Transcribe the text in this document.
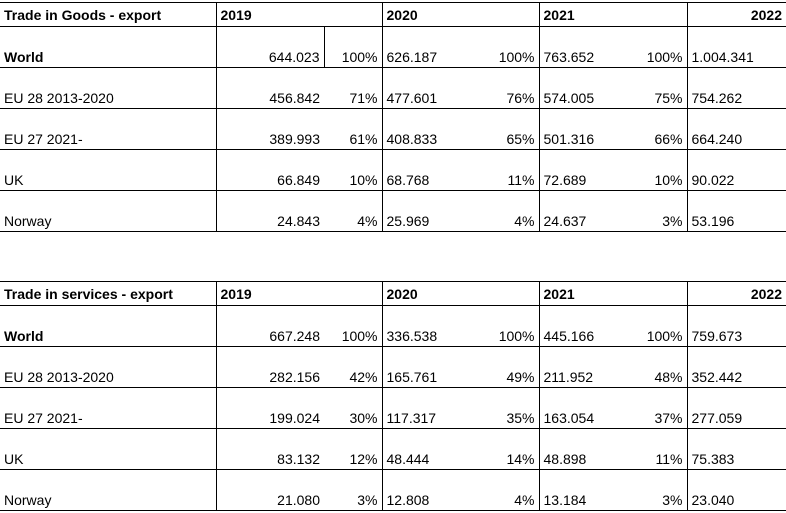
Trade in Goods - export	2019		2020		2021		2022
World	644.023	100%	626.187	100%	763.652	100%	1.004.341
EU 28 2013-2020	456.842	71%	477.601	76%	574.005	75%	754.262
EU 27 2021-	389.993	61%	408.833	65%	501.316	66%	664.240
UK	66.849	10%	68.768	11%	72.689	10%	90.022
Norway	24.843	4%	25.969	4%	24.637	3%	53.196
Trade in services - export	2019		2020		2021		2022
World	667.248	100%	336.538	100%	445.166	100%	759.673
EU 28 2013-2020	282.156	42%	165.761	49%	211.952	48%	352.442
EU 27 2021-	199.024	30%	117.317	35%	163.054	37%	277.059
UK	83.132	12%	48.444	14%	48.898	11%	75.383
Norway	21.080	3%	12.808	4%	13.184	3%	23.040
